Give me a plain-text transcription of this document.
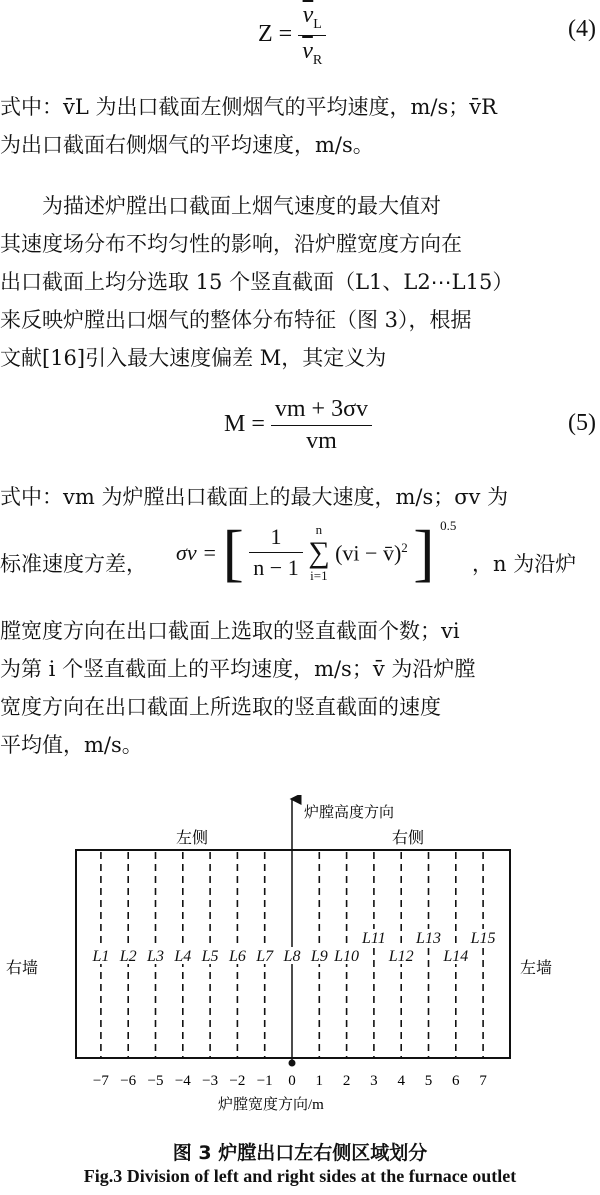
$Z = \frac{\overline{v}_L}{\overline{v}_R}$	(4)
式中：v̄L 为出口截面左侧烟气的平均速度，m/s；v̄R
为出口截面右侧烟气的平均速度，m/s。
为描述炉膛出口截面上烟气速度的最大值对
其速度场分布不均匀性的影响，沿炉膛宽度方向在
出口截面上均分选取 15 个竖直截面（L1、L2⋯L15）
来反映炉膛出口烟气的整体分布特征（图 3），根据
文献[16]引入最大速度偏差 M，其定义为
$M = \frac{vm + 3\sigma v}{vm}$	(5)
式中：vm 为炉膛出口截面上的最大速度，m/s；σv 为
标准速度方差，	σv = [ $\frac{1}{n - 1}$
n
∑
i=1
(vi − v̄)$^2$ ] $^{0.5}$
，n 为沿炉
膛宽度方向在出口截面上选取的竖直截面个数；vi
为第 i 个竖直截面上的平均速度，m/s；v̄ 为沿炉膛
宽度方向在出口截面上所选取的竖直截面的速度
平均值，m/s。
炉膛高度方向
左侧	右侧
右墙	左墙
L1 L2 L3 L4 L5 L6 L7 L8 L9 L10
L11
L12
L13
L14
L15
−7 −6 −5 −4 −3 −2 −1 0 1 2 3 4 5 6 7
炉膛宽度方向/m
图 3 炉膛出口左右侧区域划分
Fig.3 Division of left and right sides at the furnace outlet
